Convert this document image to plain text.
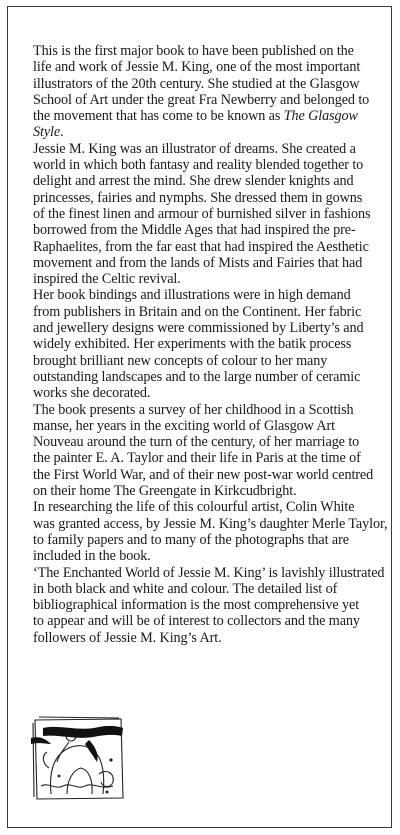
This is the first major book to have been published on the
life and work of Jessie M. King, one of the most important
illustrators of the 20th century. She studied at the Glasgow
School of Art under the great Fra Newberry and belonged to
the movement that has come to be known as The Glasgow
Style.

Jessie M. King was an illustrator of dreams. She created a
world in which both fantasy and reality blended together to
delight and arrest the mind. She drew slender knights and
princesses, fairies and nymphs. She dressed them in gowns
of the finest linen and armour of burnished silver in fashions
borrowed from the Middle Ages that had inspired the pre-
Raphaelites, from the far east that had inspired the Aesthetic
movement and from the lands of Mists and Fairies that had
inspired the Celtic revival.

Her book bindings and illustrations were in high demand
from publishers in Britain and on the Continent. Her fabric
and jewellery designs were commissioned by Liberty’s and
widely exhibited. Her experiments with the batik process
brought brilliant new concepts of colour to her many
outstanding landscapes and to the large number of ceramic
works she decorated.

The book presents a survey of her childhood in a Scottish
manse, her years in the exciting world of Glasgow Art
Nouveau around the turn of the century, of her marriage to
the painter E. A. Taylor and their life in Paris at the time of
the First World War, and of their new post-war world centred
on their home The Greengate in Kirkcudbright.

In researching the life of this colourful artist, Colin White
was granted access, by Jessie M. King’s daughter Merle Taylor,
to family papers and to many of the photographs that are
included in the book.

‘The Enchanted World of Jessie M. King’ is lavishly illustrated
in both black and white and colour. The detailed list of
bibliographical information is the most comprehensive yet
to appear and will be of interest to collectors and the many
followers of Jessie M. King’s Art.
